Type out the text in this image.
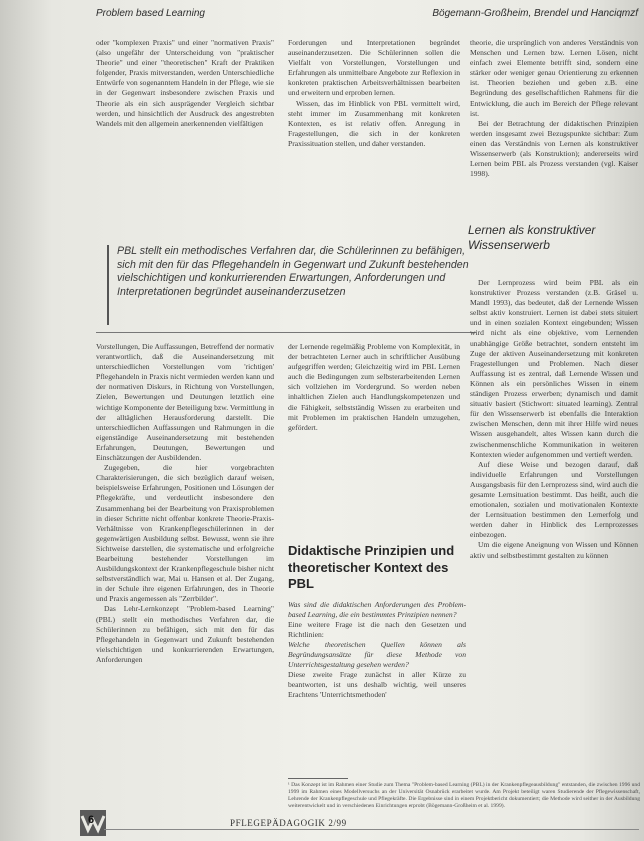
Problem based Learning	Bögemann-Großheim, Brendel und Hanciqmzf

oder "komplexen Praxis" und einer "normativen Praxis" (also ungefähr der Unterscheidung von "praktischer Theorie" und einer "theoretischen" Kraft der Praktiken folgender, Praxis mitverstanden, werden Unterschiedliche Entwürfe von sogenanntem Handeln in der Pflege, wie sie in der Gegenwart insbesondere zwischen Praxis und Theorie als ein sich ausprägender Vergleich sichtbar werden, und hinsichtlich der Ausdruck des angestrebten Wandels mit den allgemein anerkennenden vielfältigen

Forderungen und Interpretationen begründet auseinanderzusetzen. Die Schülerinnen sollen die Vielfalt von Vorstellungen, Vorstellungen und Erfahrungen als unmittelbare Angebote zur Reflexion in konkreten praktischen Arbeitsverhältnissen bearbeiten und erweitern und erproben lernen.

Wissen, das im Hinblick von PBL vermittelt wird, steht immer im Zusammenhang mit konkreten Kontexten, es ist relativ offen. Anregung in Fragestellungen, die sich in der konkreten Praxissituation stellen, und daher verstanden.

theorie, die ursprünglich von anderes Verständnis von Menschen und Lernen bzw. Lernen Lösen, nicht einfach zwei Elemente betrifft sind, sondern eine stärker oder weniger genau Orientierung zu erkennen ist. Theorien beziehen und geben z.B. eine Begründung des gesellschaftlichen Rahmens für die Entwicklung, die auch im Bereich der Pflege relevant ist.

Bei der Betrachtung der didaktischen Prinzipien werden insgesamt zwei Bezugspunkte sichtbar: Zum einen das Verständnis von Lernen als konstruktiver Wissenserwerb (als Konstruktion); andererseits wird Lernen beim PBL als Prozess verstanden (vgl. Kaiser 1998).

PBL stellt ein methodisches Verfahren dar, die Schülerinnen zu befähigen, sich mit den für das Pflegehandeln in Gegenwart und Zukunft bestehenden vielschichtigen und konkurrierenden Erwartungen, Anforderungen und Interpretationen begründet auseinanderzusetzen
Lernen als konstruktiver Wissenserwerb

Vorstellungen, Die Auffassungen, Betreffend der normativ verantwortlich, daß die Auseinandersetzung mit unterschiedlichen Vorstellungen vom 'richtigen' Pflegehandeln in Praxis nicht vermieden werden kann und der normativen Diskurs, in Richtung von Vorstellungen, Zielen, Bewertungen und Deutungen letztlich eine wichtige Komponente der Beteiligung bzw. Vermittlung in der alltäglichen Herausforderung darstellt. Die unterschiedlichen Auffassungen und Rahmungen in die eigenständige Auseinandersetzung mit bestehenden Erfahrungen, Deutungen, Bewertungen und Einschätzungen der Ausbildenden.

Zugegeben, die hier vorgebrachten Charakterisierungen, die sich bezüglich darauf weisen, beispielsweise Erfahrungen, Positionen und Lösungen der Pflegekräfte, und verdeutlicht insbesondere den Zusammenhang bei der Bearbeitung von Praxisproblemen in dieser Schritte nicht offenbar konkrete Theorie-Praxis-Verhältnisse von Krankenpflegeschülerinnen in der gegenwärtigen Ausbildung selbst. Bewusst, wenn sie ihre Sichtweise darstellen, die systematische und erfolgreiche Bearbeitung bestehender Vorstellungen im Ausbildungskontext der Krankenpflegeschule bisher nicht selbstverständlich war, Mai u. Hansen et al. Der Zugang, in der Schule ihre eigenen Erfahrungen, des in Theorie und Praxis angemessen als "Zerrbilder".

Das Lehr-Lernkonzept "Problem-based Learning" (PBL) stellt ein methodisches Verfahren dar, die Schülerinnen zu befähigen, sich mit den für das Pflegehandeln in Gegenwart und Zukunft bestehenden vielschichtigen und konkurrierenden Erwartungen, Anforderungen

der Lernende regelmäßig Probleme von Komplexität, in der betrachteten Lerner auch in schriftlicher Ausübung aufgegriffen werden; Gleichzeitig wird im PBL Lernen auch die Bedingungen zum selbsterarbeitenden Lernen sich vollziehen im Vordergrund. So werden neben inhaltlichen Zielen auch Handlungskompetenzen und die Fähigkeit, selbstständig Wissen zu erarbeiten und mit Problemen im praktischen Handeln umzugehen, gefördert.

Didaktische Prinzipien und theoretischer Kontext des PBL
Was sind die didaktischen Anforderungen des Problem-based Learning, die ein bestimmtes Prinzipien nennen?
Eine weitere Frage ist die nach den Gesetzen und Richtlinien:
Welche theoretischen Quellen können als Begründungsansätze für diese Methode von Unterrichtsgestaltung gesehen werden?
Diese zweite Frage zunächst in aller Kürze zu beantworten, ist uns deshalb wichtig, weil unseres Erachtens 'Unterrichtsmethoden'

Der Lernprozess wird beim PBL als ein konstruktiver Prozess verstanden (z.B. Gräsel u. Mandl 1993), das bedeutet, daß der Lernende Wissen selbst aktiv konstruiert. Lernen ist dabei stets situiert und in einen sozialen Kontext eingebunden; Wissen wird nicht als eine objektive, vom Lernenden unabhängige Größe betrachtet, sondern entsteht im Zuge der aktiven Auseinandersetzung mit konkreten Fragestellungen und Problemen. Nach dieser Auffassung ist es zentral, daß Lernende Wissen und Können als ein persönliches Wissen in einem ständigen Prozess erwerben; dynamisch und damit situativ basiert (Stichwort: situated learning). Zentral für den Wissenserwerb ist ebenfalls die Interaktion zwischen Menschen, denn mit ihrer Hilfe wird neues Wissen ausgehandelt, altes Wissen kann durch die zwischenmenschliche Kommunikation in weiteren Kontexten wieder aufgenommen und vertieft werden.

Auf diese Weise und bezogen darauf, daß individuelle Erfahrungen und Vorstellungen Ausgangsbasis für den Lernprozess sind, wird auch die gesamte Lernsituation bestimmt. Das heißt, auch die emotionalen, sozialen und motivationalen Kontexte der Lernsituation bestimmen den Lernerfolg und werden daher in Hinblick des Lernprozesses einbezogen.

Um die eigene Aneignung von Wissen und Können aktiv und selbstbestimmt gestalten zu können

¹ Das Konzept ist im Rahmen einer Studie zum Thema "Problem-based Learning (PBL) in der Krankenpflegeausbildung" entstanden, die zwischen 1996 und 1999 im Rahmen eines Modellversuchs an der Universität Osnabrück erarbeitet wurde. Am Projekt beteiligt waren Studierende der Pflegewissenschaft, Lehrende der Krankenpflegeschule und Pflegekräfte. Die Ergebnisse sind in einem Projektbericht dokumentiert; die Methode wird seither in der Ausbildung weiterentwickelt und in verschiedenen Einrichtungen erprobt (Bögemann-Großheim et al. 1999).
6	PFLEGEPÄDAGOGIK 2/99
